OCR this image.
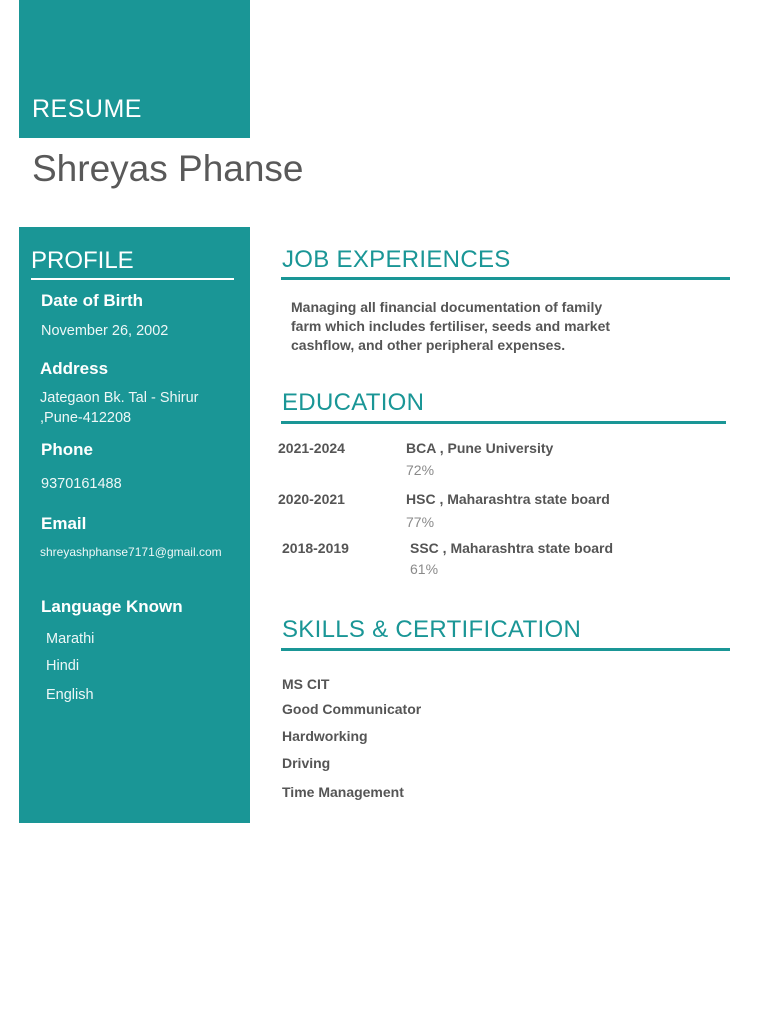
RESUME
Shreyas Phanse
PROFILE
Date of Birth
November 26, 2002
Address
Jategaon Bk. Tal - Shirur
,Pune-412208
Phone
9370161488
Email
shreyashphanse7171@gmail.com
Language Known
Marathi
Hindi
English
JOB EXPERIENCES
Managing all financial documentation of family
farm which includes fertiliser, seeds and market
cashflow, and other peripheral expenses.
EDUCATION
2021-2024	BCA , Pune University
72%
2020-2021	HSC , Maharashtra state board
77%
2018-2019	SSC , Maharashtra state board
61%
SKILLS & CERTIFICATION
MS CIT
Good Communicator
Hardworking
Driving
Time Management
